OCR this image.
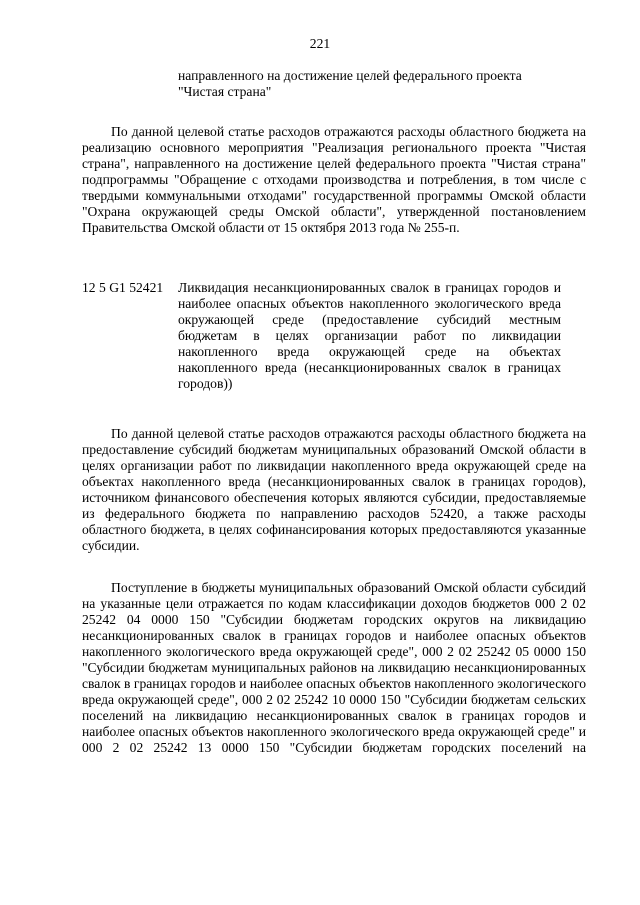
221
направленного на достижение целей федерального проекта
"Чистая страна"

По данной целевой статье расходов отражаются расходы областного бюджета на реализацию основного мероприятия "Реализация регионального проекта "Чистая страна", направленного на достижение целей федерального проекта "Чистая страна" подпрограммы "Обращение с отходами производства и потребления, в том числе с твердыми коммунальными отходами" государственной программы Омской области "Охрана окружающей среды Омской области", утвержденной постановлением Правительства Омской области от 15 октября 2013 года № 255-п.

12 5 G1 52421 Ликвидация несанкционированных свалок в границах городов и наиболее опасных объектов накопленного экологического вреда окружающей среде (предоставление субсидий местным бюджетам в целях организации работ по ликвидации накопленного вреда окружающей среде на объектах накопленного вреда (несанкционированных свалок в границах городов))

По данной целевой статье расходов отражаются расходы областного бюджета на предоставление субсидий бюджетам муниципальных образований Омской области в целях организации работ по ликвидации накопленного вреда окружающей среде на объектах накопленного вреда (несанкционированных свалок в границах городов), источником финансового обеспечения которых являются субсидии, предоставляемые из федерального бюджета по направлению расходов 52420, а также расходы областного бюджета, в целях софинансирования которых предоставляются указанные субсидии.

Поступление в бюджеты муниципальных образований Омской области субсидий на указанные цели отражается по кодам классификации доходов бюджетов 000 2 02 25242 04 0000 150 "Субсидии бюджетам городских округов на ликвидацию несанкционированных свалок в границах городов и наиболее опасных объектов накопленного экологического вреда окружающей среде", 000 2 02 25242 05 0000 150 "Субсидии бюджетам муниципальных районов на ликвидацию несанкционированных свалок в границах городов и наиболее опасных объектов накопленного экологического вреда окружающей среде", 000 2 02 25242 10 0000 150 "Субсидии бюджетам сельских поселений на ликвидацию несанкционированных свалок в границах городов и наиболее опасных объектов накопленного экологического вреда окружающей среде" и 000 2 02 25242 13 0000 150 "Субсидии бюджетам городских поселений на
